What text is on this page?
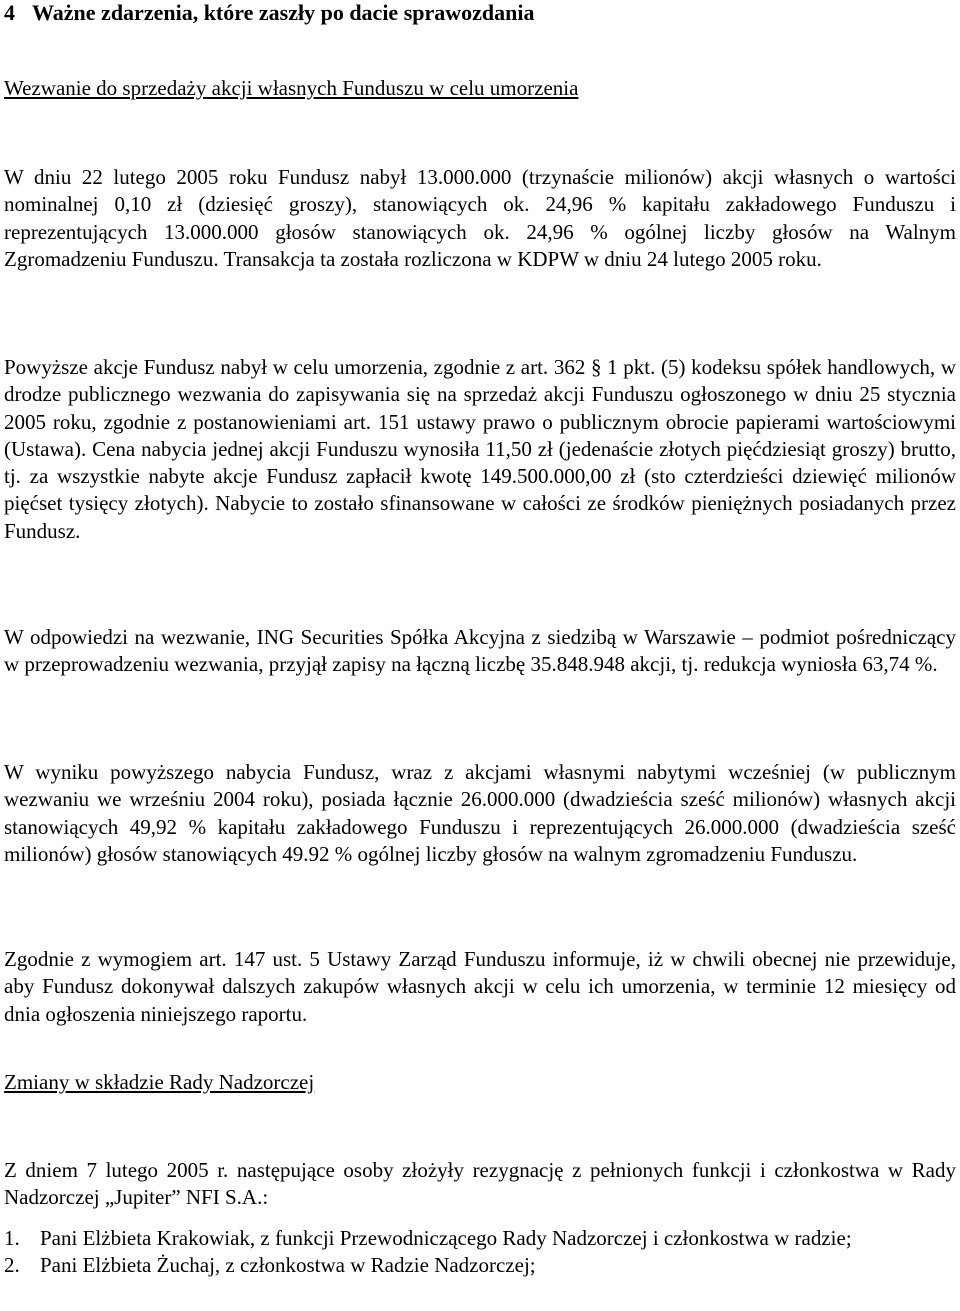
4 Ważne zdarzenia, które zaszły po dacie sprawozdania
Wezwanie do sprzedaży akcji własnych Funduszu w celu umorzenia

W dniu 22 lutego 2005 roku Fundusz nabył 13.000.000 (trzynaście milionów) akcji własnych o wartości nominalnej 0,10 zł (dziesięć groszy), stanowiących ok. 24,96 % kapitału zakładowego Funduszu i reprezentujących 13.000.000 głosów stanowiących ok. 24,96 % ogólnej liczby głosów na Walnym Zgromadzeniu Funduszu. Transakcja ta została rozliczona w KDPW w dniu 24 lutego 2005 roku.

Powyższe akcje Fundusz nabył w celu umorzenia, zgodnie z art. 362 § 1 pkt. (5) kodeksu spółek handlowych, w drodze publicznego wezwania do zapisywania się na sprzedaż akcji Funduszu ogłoszonego w dniu 25 stycznia 2005 roku, zgodnie z postanowieniami art. 151 ustawy prawo o publicznym obrocie papierami wartościowymi (Ustawa). Cena nabycia jednej akcji Funduszu wynosiła 11,50 zł (jedenaście złotych pięćdziesiąt groszy) brutto, tj. za wszystkie nabyte akcje Fundusz zapłacił kwotę 149.500.000,00 zł (sto czterdzieści dziewięć milionów pięćset tysięcy złotych). Nabycie to zostało sfinansowane w całości ze środków pieniężnych posiadanych przez Fundusz.

W odpowiedzi na wezwanie, ING Securities Spółka Akcyjna z siedzibą w Warszawie – podmiot pośredniczący w przeprowadzeniu wezwania, przyjął zapisy na łączną liczbę 35.848.948 akcji, tj. redukcja wyniosła 63,74 %.

W wyniku powyższego nabycia Fundusz, wraz z akcjami własnymi nabytymi wcześniej (w publicznym wezwaniu we wrześniu 2004 roku), posiada łącznie 26.000.000 (dwadzieścia sześć milionów) własnych akcji stanowiących 49,92 % kapitału zakładowego Funduszu i reprezentujących 26.000.000 (dwadzieścia sześć milionów) głosów stanowiących 49.92 % ogólnej liczby głosów na walnym zgromadzeniu Funduszu.

Zgodnie z wymogiem art. 147 ust. 5 Ustawy Zarząd Funduszu informuje, iż w chwili obecnej nie przewiduje, aby Fundusz dokonywał dalszych zakupów własnych akcji w celu ich umorzenia, w terminie 12 miesięcy od dnia ogłoszenia niniejszego raportu.

Zmiany w składzie Rady Nadzorczej

Z dniem 7 lutego 2005 r. następujące osoby złożyły rezygnację z pełnionych funkcji i członkostwa w Rady Nadzorczej „Jupiter” NFI S.A.:

1. Pani Elżbieta Krakowiak, z funkcji Przewodniczącego Rady Nadzorczej i członkostwa w radzie;
2. Pani Elżbieta Żuchaj, z członkostwa w Radzie Nadzorczej;
